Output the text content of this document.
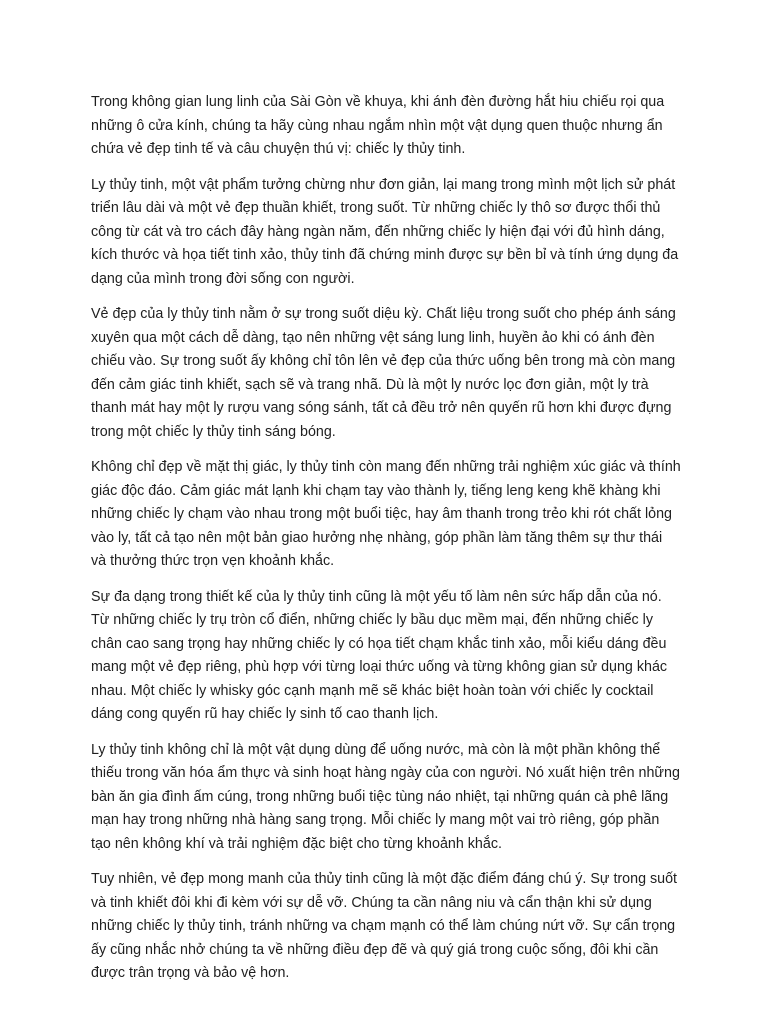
Trong không gian lung linh của Sài Gòn về khuya, khi ánh đèn đường hắt hiu chiếu rọi qua những ô cửa kính, chúng ta hãy cùng nhau ngắm nhìn một vật dụng quen thuộc nhưng ẩn chứa vẻ đẹp tinh tế và câu chuyện thú vị: chiếc ly thủy tinh.

Ly thủy tinh, một vật phẩm tưởng chừng như đơn giản, lại mang trong mình một lịch sử phát triển lâu dài và một vẻ đẹp thuần khiết, trong suốt. Từ những chiếc ly thô sơ được thổi thủ công từ cát và tro cách đây hàng ngàn năm, đến những chiếc ly hiện đại với đủ hình dáng, kích thước và họa tiết tinh xảo, thủy tinh đã chứng minh được sự bền bỉ và tính ứng dụng đa dạng của mình trong đời sống con người.

Vẻ đẹp của ly thủy tinh nằm ở sự trong suốt diệu kỳ. Chất liệu trong suốt cho phép ánh sáng xuyên qua một cách dễ dàng, tạo nên những vệt sáng lung linh, huyền ảo khi có ánh đèn chiếu vào. Sự trong suốt ấy không chỉ tôn lên vẻ đẹp của thức uống bên trong mà còn mang đến cảm giác tinh khiết, sạch sẽ và trang nhã. Dù là một ly nước lọc đơn giản, một ly trà thanh mát hay một ly rượu vang sóng sánh, tất cả đều trở nên quyến rũ hơn khi được đựng trong một chiếc ly thủy tinh sáng bóng.

Không chỉ đẹp về mặt thị giác, ly thủy tinh còn mang đến những trải nghiệm xúc giác và thính giác độc đáo. Cảm giác mát lạnh khi chạm tay vào thành ly, tiếng leng keng khẽ khàng khi những chiếc ly chạm vào nhau trong một buổi tiệc, hay âm thanh trong trẻo khi rót chất lỏng vào ly, tất cả tạo nên một bản giao hưởng nhẹ nhàng, góp phần làm tăng thêm sự thư thái và thưởng thức trọn vẹn khoảnh khắc.

Sự đa dạng trong thiết kế của ly thủy tinh cũng là một yếu tố làm nên sức hấp dẫn của nó. Từ những chiếc ly trụ tròn cổ điển, những chiếc ly bầu dục mềm mại, đến những chiếc ly chân cao sang trọng hay những chiếc ly có họa tiết chạm khắc tinh xảo, mỗi kiểu dáng đều mang một vẻ đẹp riêng, phù hợp với từng loại thức uống và từng không gian sử dụng khác nhau. Một chiếc ly whisky góc cạnh mạnh mẽ sẽ khác biệt hoàn toàn với chiếc ly cocktail dáng cong quyến rũ hay chiếc ly sinh tố cao thanh lịch.

Ly thủy tinh không chỉ là một vật dụng dùng để uống nước, mà còn là một phần không thể thiếu trong văn hóa ẩm thực và sinh hoạt hàng ngày của con người. Nó xuất hiện trên những bàn ăn gia đình ấm cúng, trong những buổi tiệc tùng náo nhiệt, tại những quán cà phê lãng mạn hay trong những nhà hàng sang trọng. Mỗi chiếc ly mang một vai trò riêng, góp phần tạo nên không khí và trải nghiệm đặc biệt cho từng khoảnh khắc.

Tuy nhiên, vẻ đẹp mong manh của thủy tinh cũng là một đặc điểm đáng chú ý. Sự trong suốt và tinh khiết đôi khi đi kèm với sự dễ vỡ. Chúng ta cần nâng niu và cẩn thận khi sử dụng những chiếc ly thủy tinh, tránh những va chạm mạnh có thể làm chúng nứt vỡ. Sự cẩn trọng ấy cũng nhắc nhở chúng ta về những điều đẹp đẽ và quý giá trong cuộc sống, đôi khi cần được trân trọng và bảo vệ hơn.
